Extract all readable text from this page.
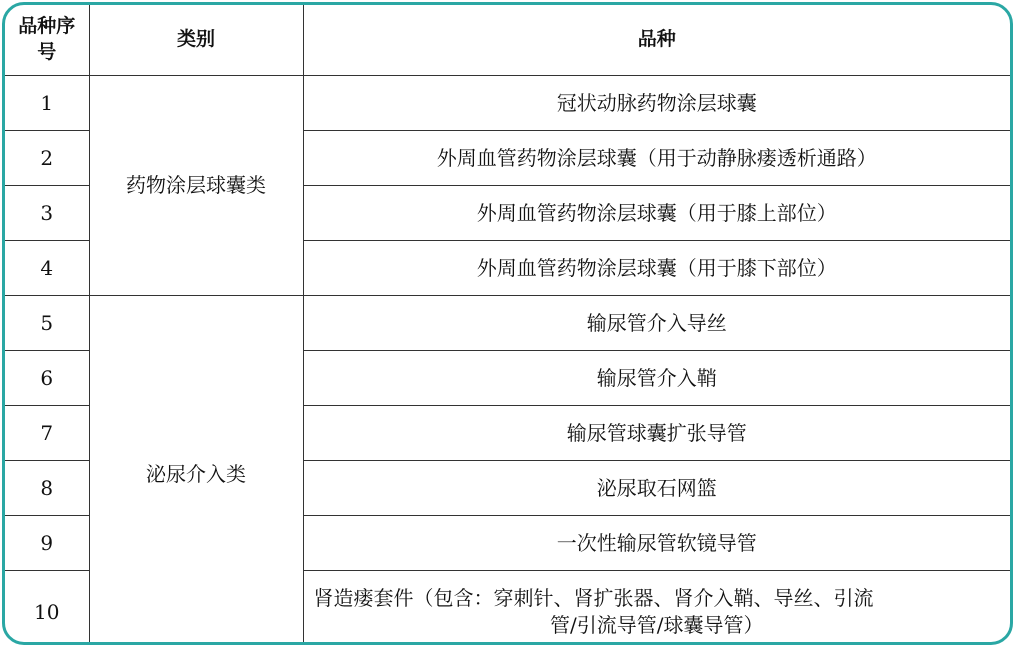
品种序号	类别	品种
1	药物涂层球囊类	冠状动脉药物涂层球囊
2		外周血管药物涂层球囊（用于动静脉瘘透析通路）
3		外周血管药物涂层球囊（用于膝上部位）
4		外周血管药物涂层球囊（用于膝下部位）
5	泌尿介入类	输尿管介入导丝
6		输尿管介入鞘
7		输尿管球囊扩张导管
8		泌尿取石网篮
9		一次性输尿管软镜导管
10		肾造瘘套件（包含：穿刺针、肾扩张器、肾介入鞘、导丝、引流
管/引流导管/球囊导管）
